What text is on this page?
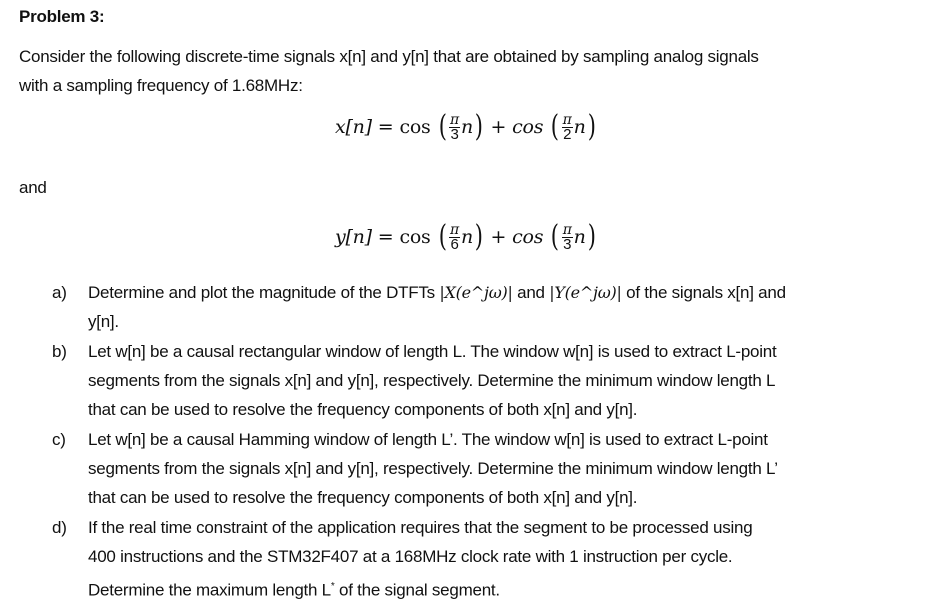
Problem 3:
Consider the following discrete-time signals x[n] and y[n] that are obtained by sampling analog signals
with a sampling frequency of 1.68MHz:
x[n] = cos ( $\frac{\pi}{3}$ n ) + cos ( $\frac{\pi}{2}$ n )
and
y[n] = cos ( $\frac{\pi}{6}$ n ) + cos ( $\frac{\pi}{3}$ n )
a) Determine and plot the magnitude of the DTFTs |X(e^jω)| and |Y(e^jω)| of the signals x[n] and
y[n].
b) Let w[n] be a causal rectangular window of length L. The window w[n] is used to extract L-point
segments from the signals x[n] and y[n], respectively. Determine the minimum window length L
that can be used to resolve the frequency components of both x[n] and y[n].
c) Let w[n] be a causal Hamming window of length L’. The window w[n] is used to extract L-point
segments from the signals x[n] and y[n], respectively. Determine the minimum window length L’
that can be used to resolve the frequency components of both x[n] and y[n].
d) If the real time constraint of the application requires that the segment to be processed using
400 instructions and the STM32F407 at a 168MHz clock rate with 1 instruction per cycle.
Determine the maximum length L* of the signal segment.
